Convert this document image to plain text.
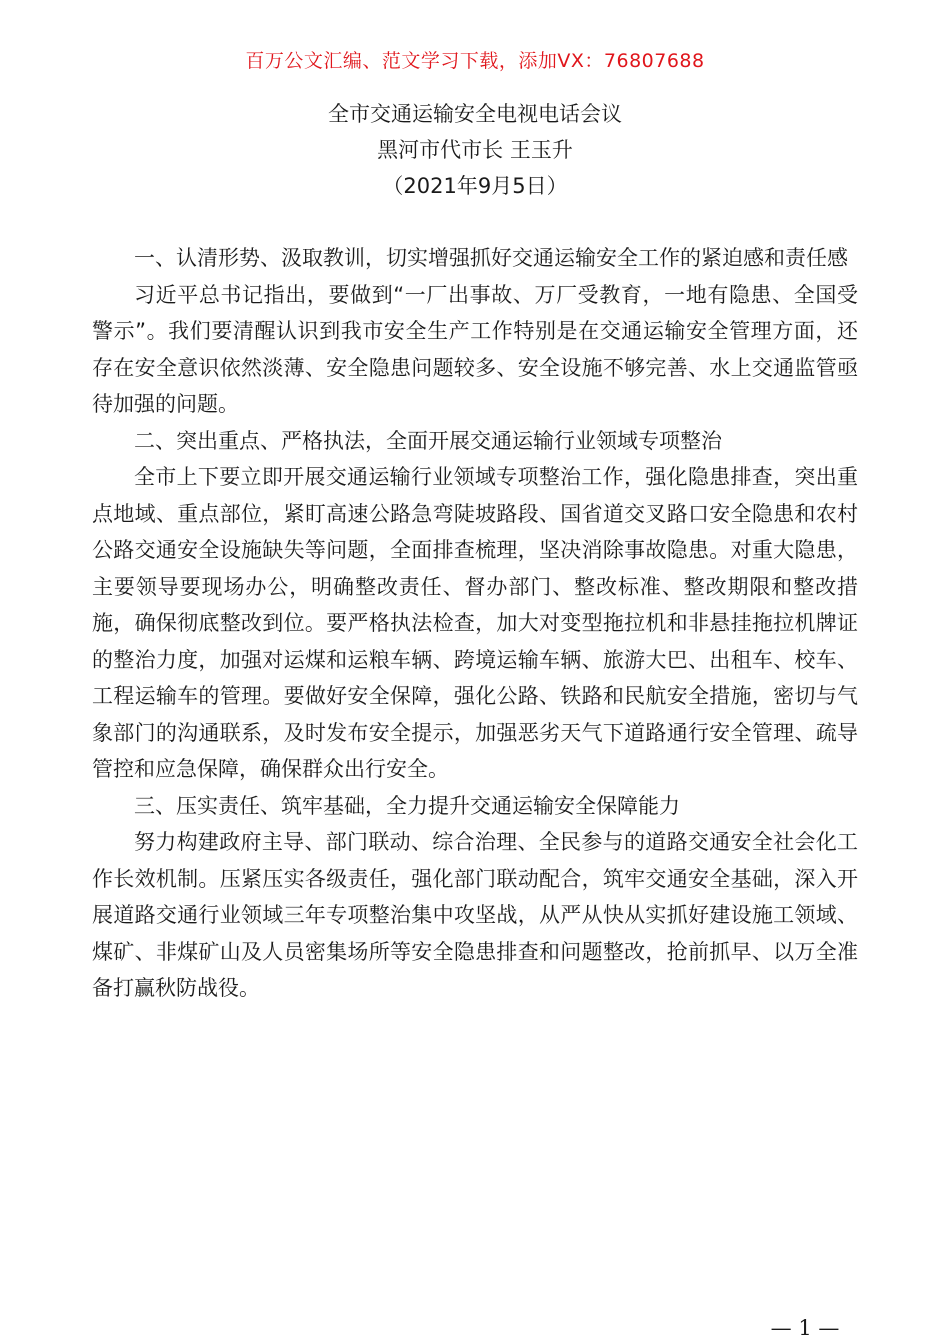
百万公文汇编、范文学习下载，添加VX：76807688
全市交通运输安全电视电话会议
黑河市代市长 王玉升
（2021年9月5日）

一、认清形势、汲取教训，切实增强抓好交通运输安全工作的紧迫感和责任感

习近平总书记指出，要做到“一厂出事故、万厂受教育，一地有隐患、全国受警示”。我们要清醒认识到我市安全生产工作特别是在交通运输安全管理方面，还存在安全意识依然淡薄、安全隐患问题较多、安全设施不够完善、水上交通监管亟待加强的问题。

二、突出重点、严格执法，全面开展交通运输行业领域专项整治

全市上下要立即开展交通运输行业领域专项整治工作，强化隐患排查，突出重点地域、重点部位，紧盯高速公路急弯陡坡路段、国省道交叉路口安全隐患和农村公路交通安全设施缺失等问题，全面排查梳理，坚决消除事故隐患。对重大隐患，主要领导要现场办公，明确整改责任、督办部门、整改标准、整改期限和整改措施，确保彻底整改到位。要严格执法检查，加大对变型拖拉机和非悬挂拖拉机牌证的整治力度，加强对运煤和运粮车辆、跨境运输车辆、旅游大巴、出租车、校车、工程运输车的管理。要做好安全保障，强化公路、铁路和民航安全措施，密切与气象部门的沟通联系，及时发布安全提示，加强恶劣天气下道路通行安全管理、疏导管控和应急保障，确保群众出行安全。

三、压实责任、筑牢基础，全力提升交通运输安全保障能力

努力构建政府主导、部门联动、综合治理、全民参与的道路交通安全社会化工作长效机制。压紧压实各级责任，强化部门联动配合，筑牢交通安全基础，深入开展道路交通行业领域三年专项整治集中攻坚战，从严从快从实抓好建设施工领域、煤矿、非煤矿山及人员密集场所等安全隐患排查和问题整改，抢前抓早、以万全准备打赢秋防战役。

— 1 —
